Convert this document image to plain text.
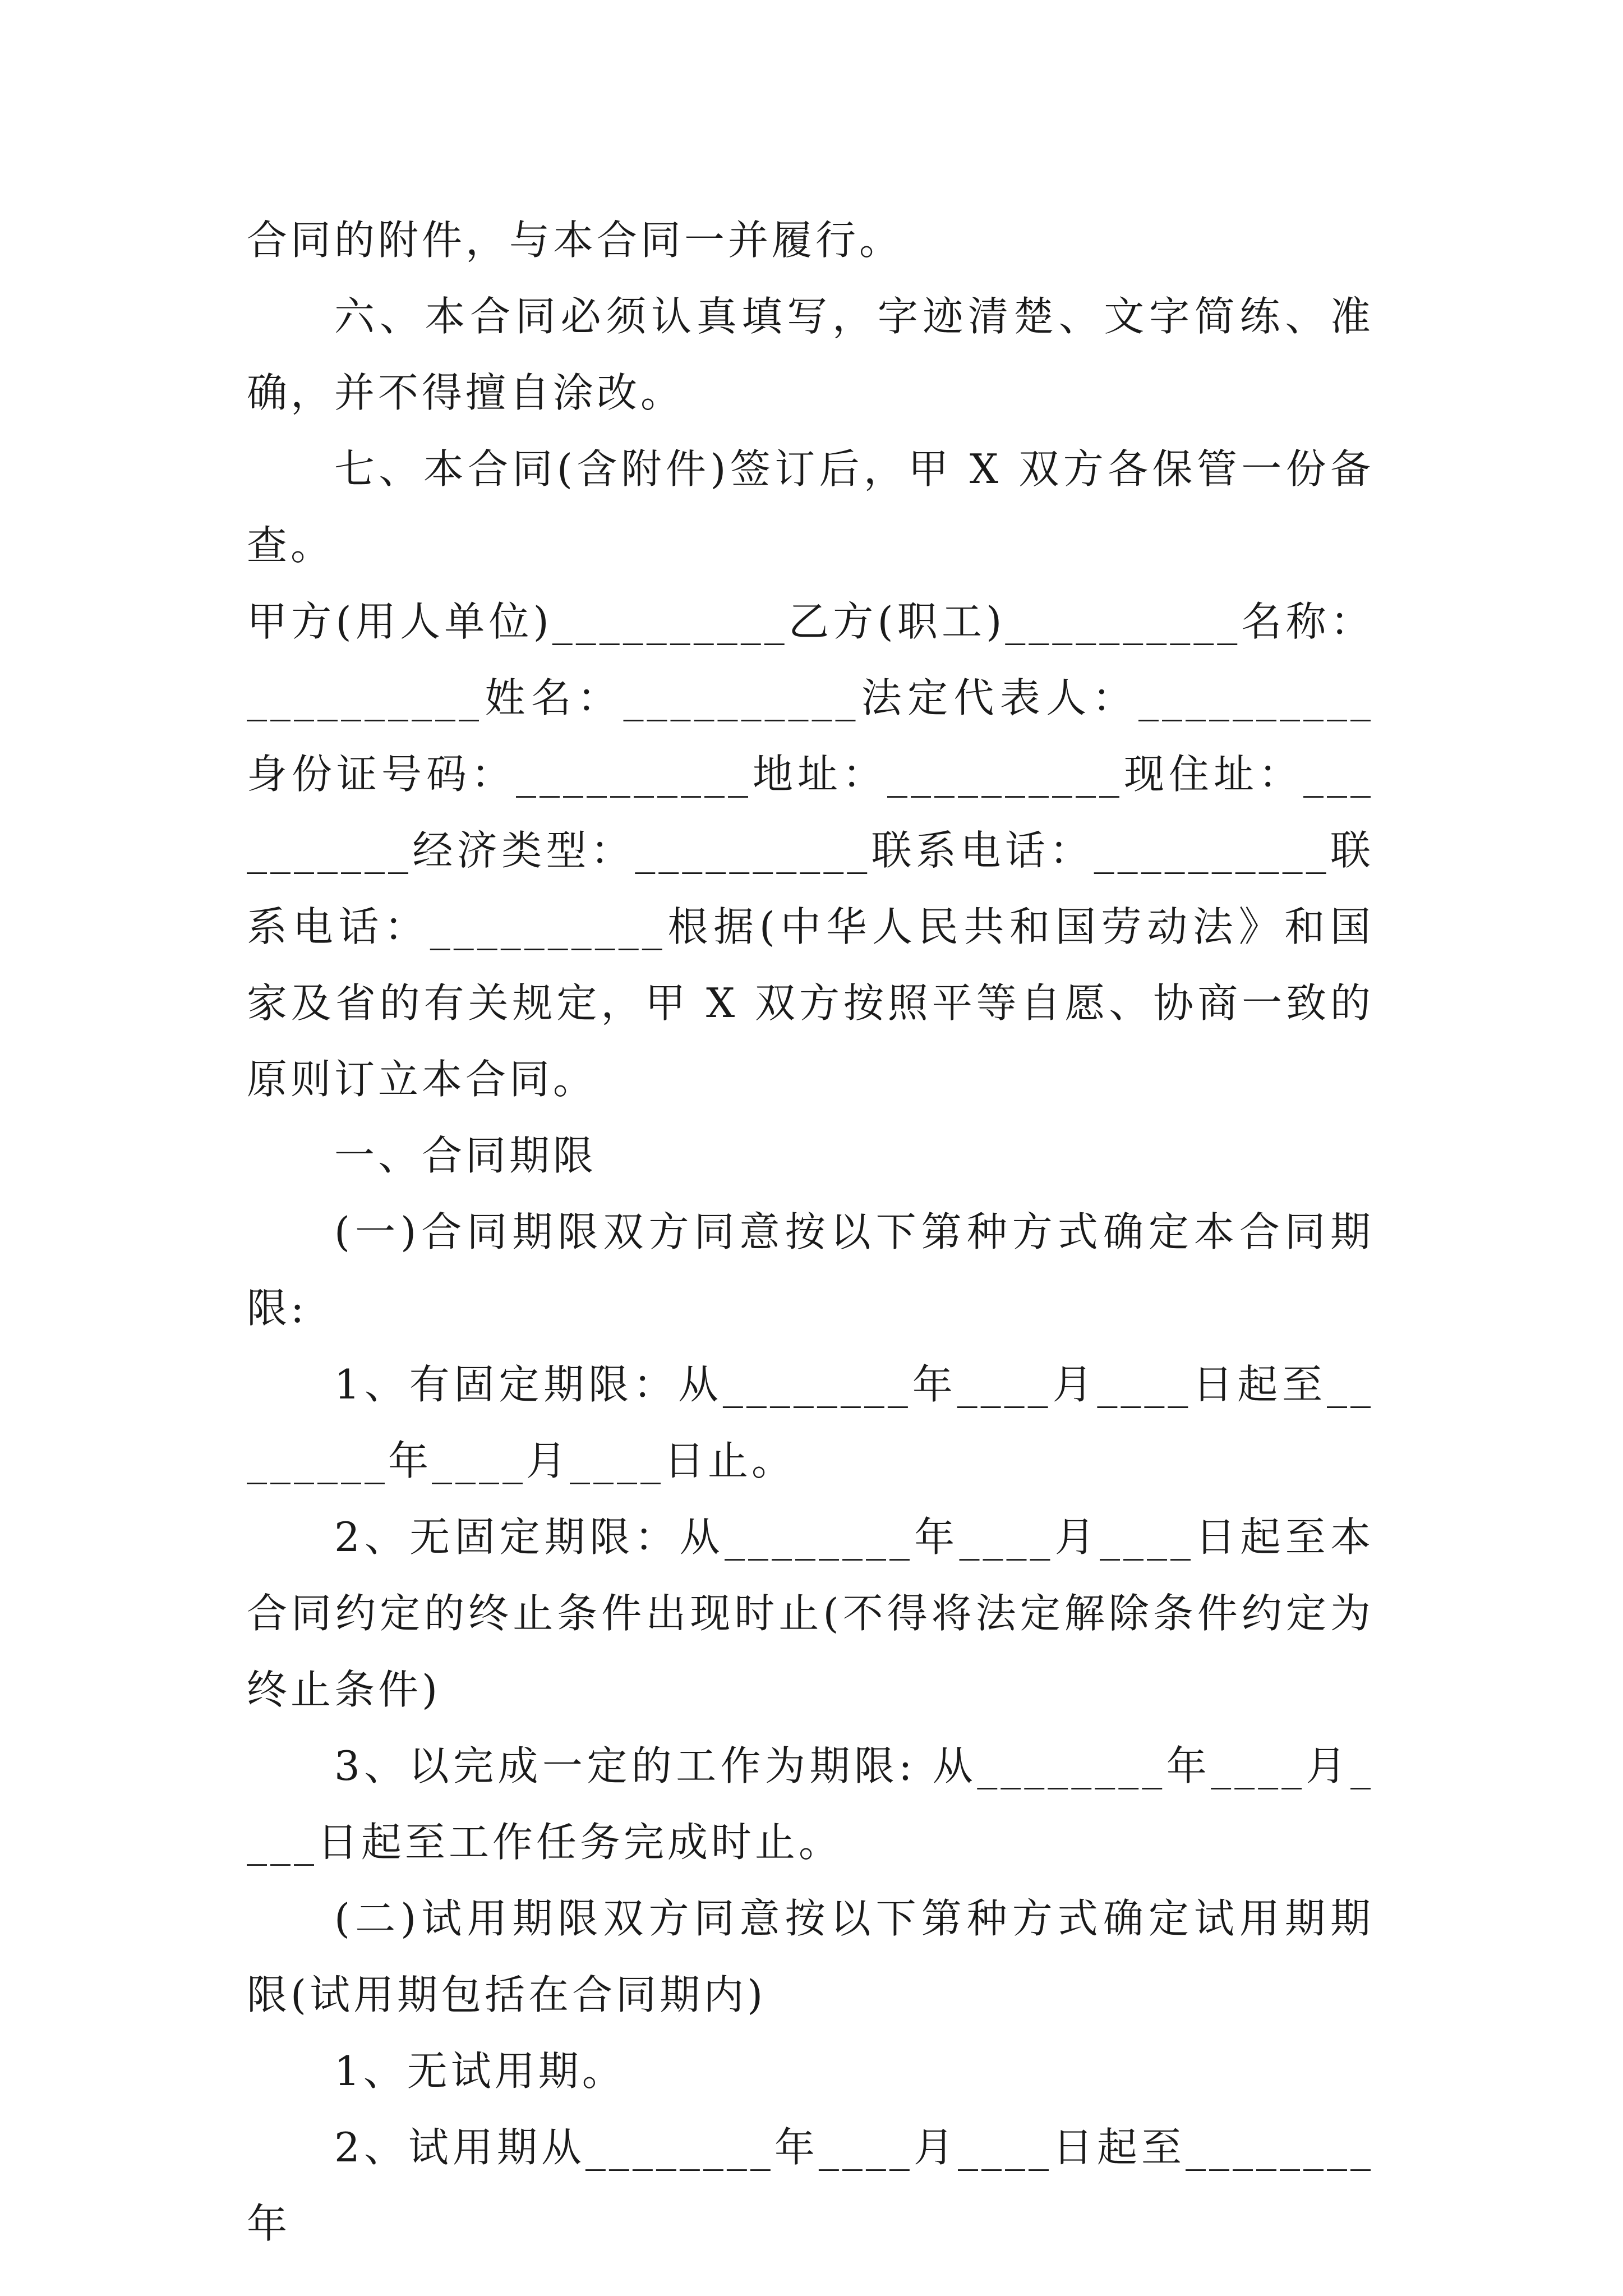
合同的附件，与本合同一并履行。

六、本合同必须认真填写，字迹清楚、文字简练、准确，并不得擅自涂改。

七、本合同(含附件)签订后，甲 X 双方各保管一份备查。

甲方(用人单位)__________乙方(职工)__________名称：__________姓名：__________法定代表人：__________身份证号码：__________地址：__________现住址：__________经济类型：__________联系电话：__________联系电话：__________根据(中华人民共和国劳动法》和国家及省的有关规定，甲 X 双方按照平等自愿、协商一致的原则订立本合同。

一、合同期限

(一)合同期限双方同意按以下第种方式确定本合同期限:

1、有固定期限：从________年____月____日起至________年____月____日止。

2、无固定期限：从________年____月____日起至本合同约定的终止条件出现时止(不得将法定解除条件约定为终止条件)

3、以完成一定的工作为期限: 从________年____月____日起至工作任务完成时止。

(二)试用期限双方同意按以下第种方式确定试用期期限(试用期包括在合同期内)

1、无试用期。

2、试用期从________年____月____日起至________年
